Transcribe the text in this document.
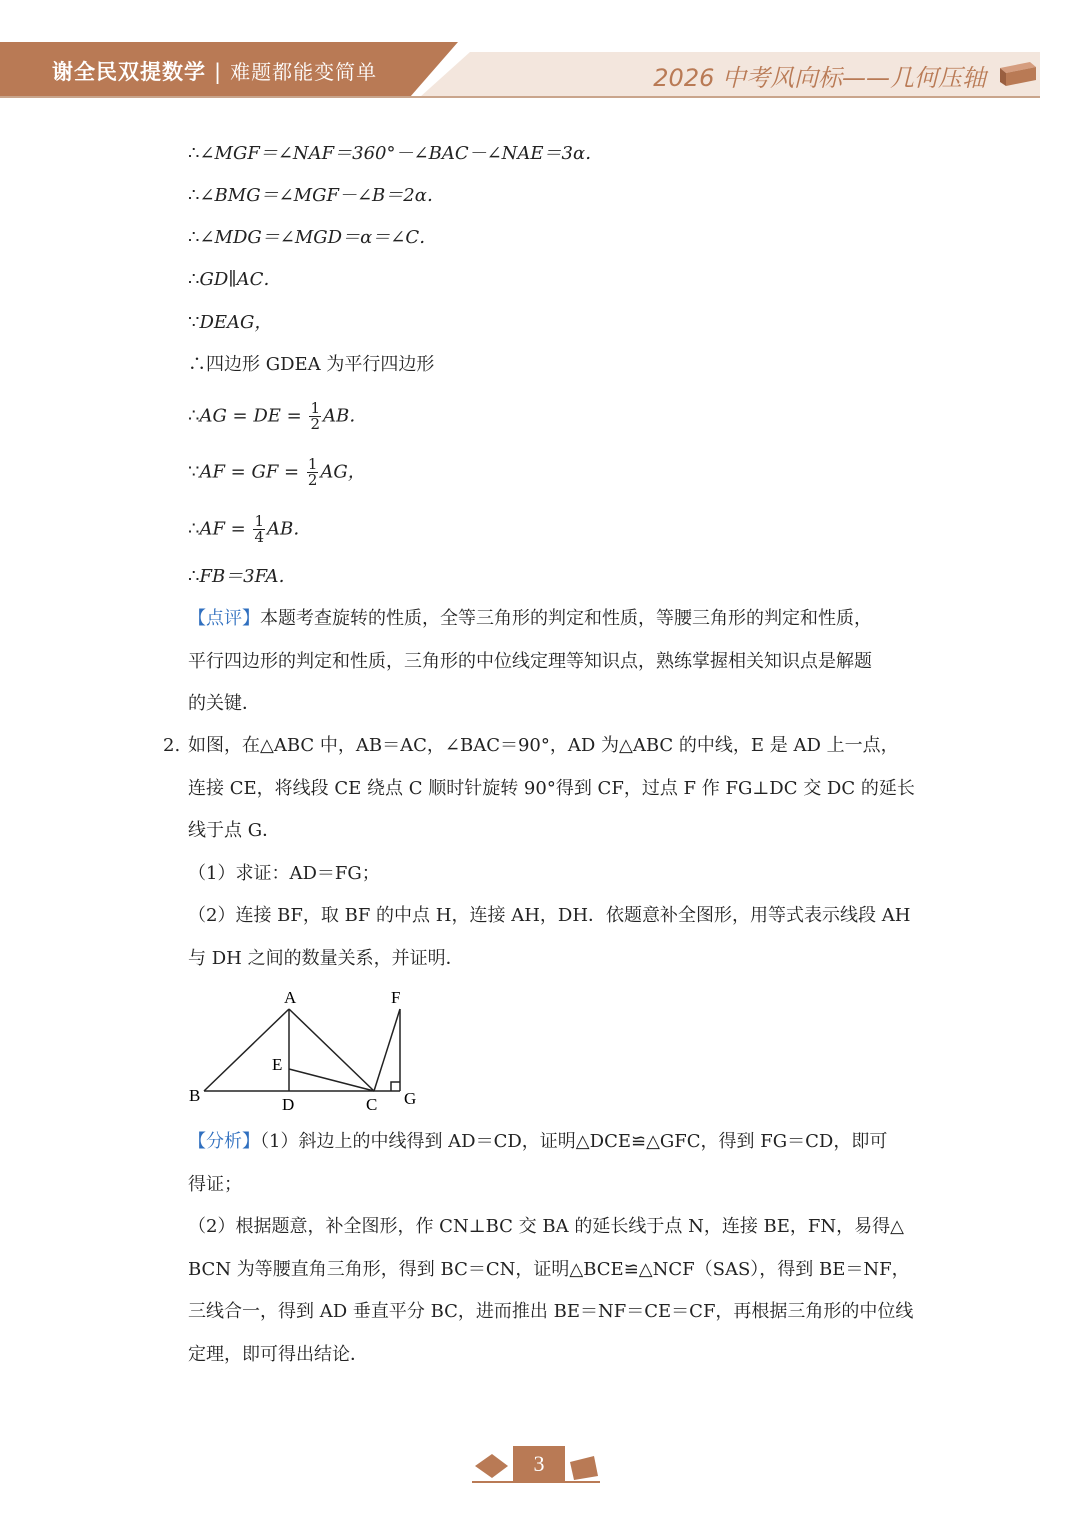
谢全民双提数学 | 难题都能变简单	2026 中考风向标——几何压轴
∴∠MGF＝∠NAF＝360°－∠BAC－∠NAE＝3α．
∴∠BMG＝∠MGF－∠B＝2α．
∴∠MDG＝∠MGD＝α＝∠C．
∴GD∥AC．
∵DEAG，
∴四边形 GDEA 为平行四边形
∴AG = DE = $\frac{1}{2}$ AB．
∵AF = GF = $\frac{1}{2}$ AG，
∴AF = $\frac{1}{4}$ AB．
∴FB＝3FA．
【点评】本题考查旋转的性质，全等三角形的判定和性质，等腰三角形的判定和性质，
平行四边形的判定和性质，三角形的中位线定理等知识点，熟练掌握相关知识点是解题
的关键．
2. 如图，在△ABC 中，AB＝AC，∠BAC＝90°，AD 为△ABC 的中线，E 是 AD 上一点，
连接 CE，将线段 CE 绕点 C 顺时针旋转 90°得到 CF，过点 F 作 FG⊥DC 交 DC 的延长
线于点 G．
（1）求证：AD＝FG；
（2）连接 BF，取 BF 的中点 H，连接 AH，DH．依题意补全图形，用等式表示线段 AH
与 DH 之间的数量关系，并证明．
【分析】（1）斜边上的中线得到 AD＝CD，证明△DCE≌△GFC，得到 FG＝CD，即可
得证；
（2）根据题意，补全图形，作 CN⊥BC 交 BA 的延长线于点 N，连接 BE，FN，易得△
BCN 为等腰直角三角形，得到 BC＝CN，证明△BCE≌△NCF（SAS），得到 BE＝NF，
三线合一，得到 AD 垂直平分 BC，进而推出 BE＝NF＝CE＝CF，再根据三角形的中位线
定理，即可得出结论．
A	F
E
B	D	C G
3
